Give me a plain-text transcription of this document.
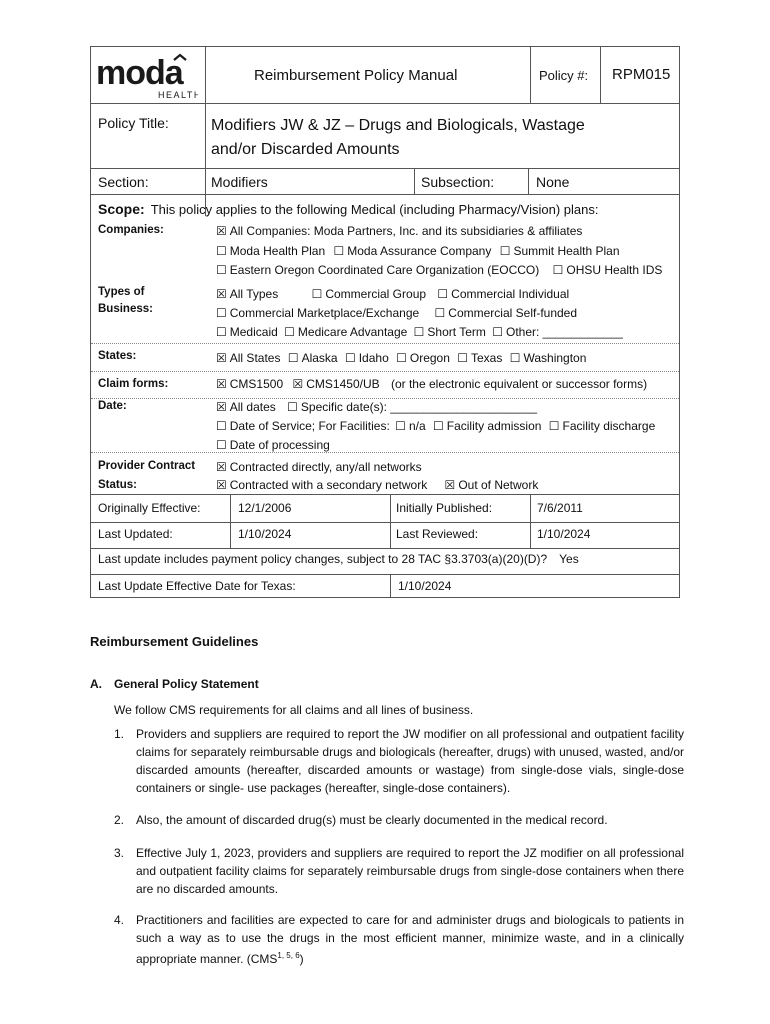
moda
HEALTH
Reimbursement Policy Manual	Policy #: RPM015
Policy Title:	Modifiers JW & JZ – Drugs and Biologicals, Wastage
and/or Discarded Amounts
Section:	Modifiers	Subsection:	None
Scope: This policy applies to the following Medical (including Pharmacy/Vision) plans:
Companies:	☒ All Companies: Moda Partners, Inc. and its subsidiaries & affiliates
☐ Moda Health Plan ☐ Moda Assurance Company ☐ Summit Health Plan
☐ Eastern Oregon Coordinated Care Organization (EOCCO) ☐ OHSU Health IDS
Types of
Business:
☒ All Types	☐ Commercial Group ☐ Commercial Individual
☐ Commercial Marketplace/Exchange ☐ Commercial Self-funded
☐ Medicaid ☐ Medicare Advantage ☐ Short Term ☐ Other: ____________
States:	☒ All States ☐ Alaska ☐ Idaho ☐ Oregon ☐ Texas ☐ Washington
Claim forms:	☒ CMS1500 ☒ CMS1450/UB (or the electronic equivalent or successor forms)
Date:	☒ All dates ☐ Specific date(s): ______________________
☐ Date of Service; For Facilities: ☐ n/a ☐ Facility admission ☐ Facility discharge
☐ Date of processing
Provider Contract
Status:
☒ Contracted directly, any/all networks
☒ Contracted with a secondary network ☒ Out of Network
Originally Effective:	12/1/2006	Initially Published:	7/6/2011
Last Updated:	1/10/2024	Last Reviewed:	1/10/2024
Last update includes payment policy changes, subject to 28 TAC §3.3703(a)(20)(D)? Yes
Last Update Effective Date for Texas:	1/10/2024
Reimbursement Guidelines
A. General Policy Statement
We follow CMS requirements for all claims and all lines of business.
1. Providers and suppliers are required to report the JW modifier on all professional and outpatient facility claims for separately reimbursable drugs and biologicals (hereafter, drugs) with unused, wasted, and/or discarded amounts (hereafter, discarded amounts or wastage) from single-dose vials, single-dose containers or single- use packages (hereafter, single-dose containers).
2. Also, the amount of discarded drug(s) must be clearly documented in the medical record.
3. Effective July 1, 2023, providers and suppliers are required to report the JZ modifier on all professional and outpatient facility claims for separately reimbursable drugs from single-dose containers when there are no discarded amounts.
4. Practitioners and facilities are expected to care for and administer drugs and biologicals to patients in such a way as to use the drugs in the most efficient manner, minimize waste, and in a clinically appropriate manner. (CMS$^{1, 5, 6}$)
